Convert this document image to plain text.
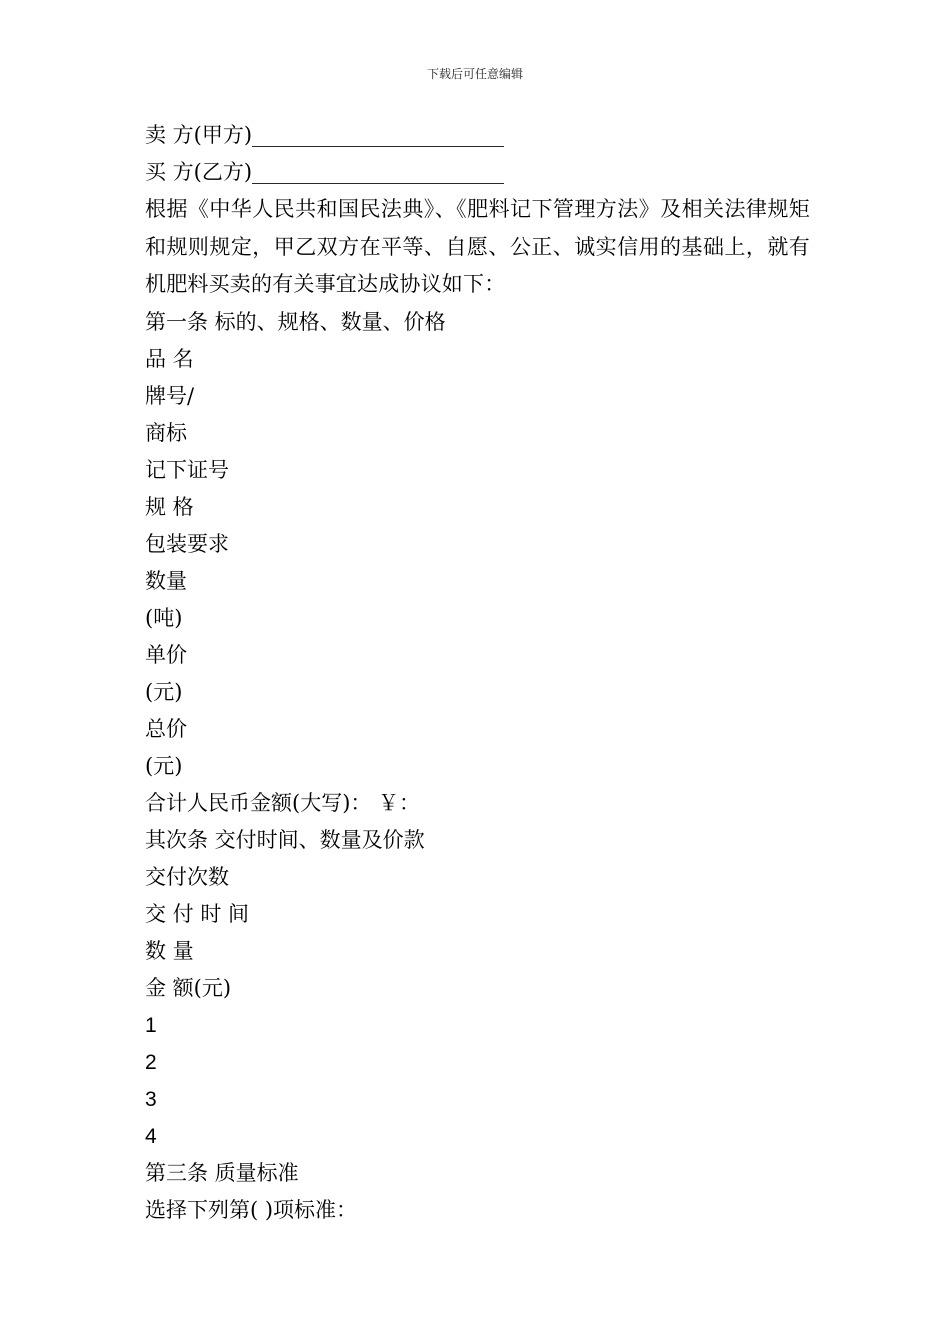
下载后可任意编辑
卖 方(甲方)________________________
买 方(乙方)________________________
根据《中华人民共和国民法典》、《肥料记下管理方法》及相关法律规矩和规则规定，甲乙双方在平等、自愿、公正、诚实信用的基础上，就有机肥料买卖的有关事宜达成协议如下：
第一条 标的、规格、数量、价格
品 名
牌号/
商标
记下证号
规 格
包装要求
数量
(吨)
单价
(元)
总价
(元)
合计人民币金额(大写)： ￥：
其次条 交付时间、数量及价款
交付次数
交 付 时 间
数 量
金 额(元)
1
2
3
4
第三条 质量标准
选择下列第( )项标准：
